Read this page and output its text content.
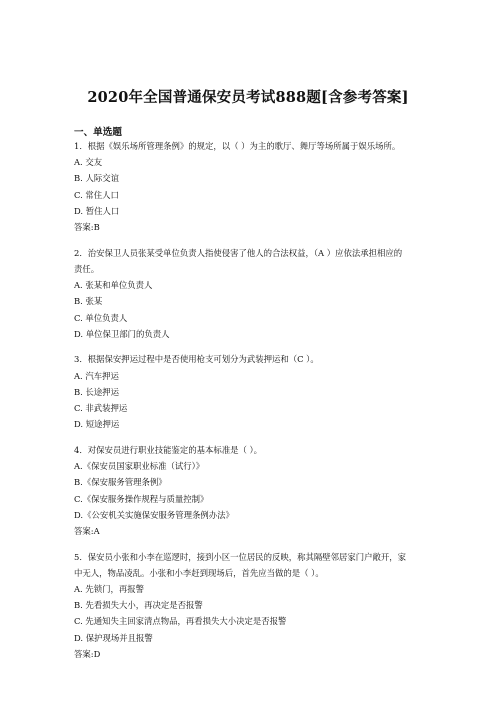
2020年全国普通保安员考试888题[含参考答案]
一、单选题
1．根据《娱乐场所管理条例》的规定，以（ ）为主的歌厅、舞厅等场所属于娱乐场所。
A. 交友
B. 人际交谊
C. 常住人口
D. 暂住人口
答案:B
2．治安保卫人员张某受单位负责人指使侵害了他人的合法权益，（A ）应依法承担相应的
责任。
A. 张某和单位负责人
B. 张某
C. 单位负责人
D. 单位保卫部门的负责人
3．根据保安押运过程中是否使用枪支可划分为武装押运和（C ）。
A. 汽车押运
B. 长途押运
C. 非武装押运
D. 短途押运
4．对保安员进行职业技能鉴定的基本标准是（ ）。
A.《保安员国家职业标准（试行）》
B.《保安服务管理条例》
C.《保安服务操作规程与质量控制》
D.《公安机关实施保安服务管理条例办法》
答案:A
5．保安员小张和小李在巡逻时，接到小区一位居民的反映，称其隔壁邻居家门户敞开，家
中无人，物品凌乱。小张和小李赶到现场后，首先应当做的是（ ）。
A. 先锁门，再报警
B. 先看损失大小，再决定是否报警
C. 先通知失主回家清点物品，再看损失大小决定是否报警
D. 保护现场并且报警
答案:D
